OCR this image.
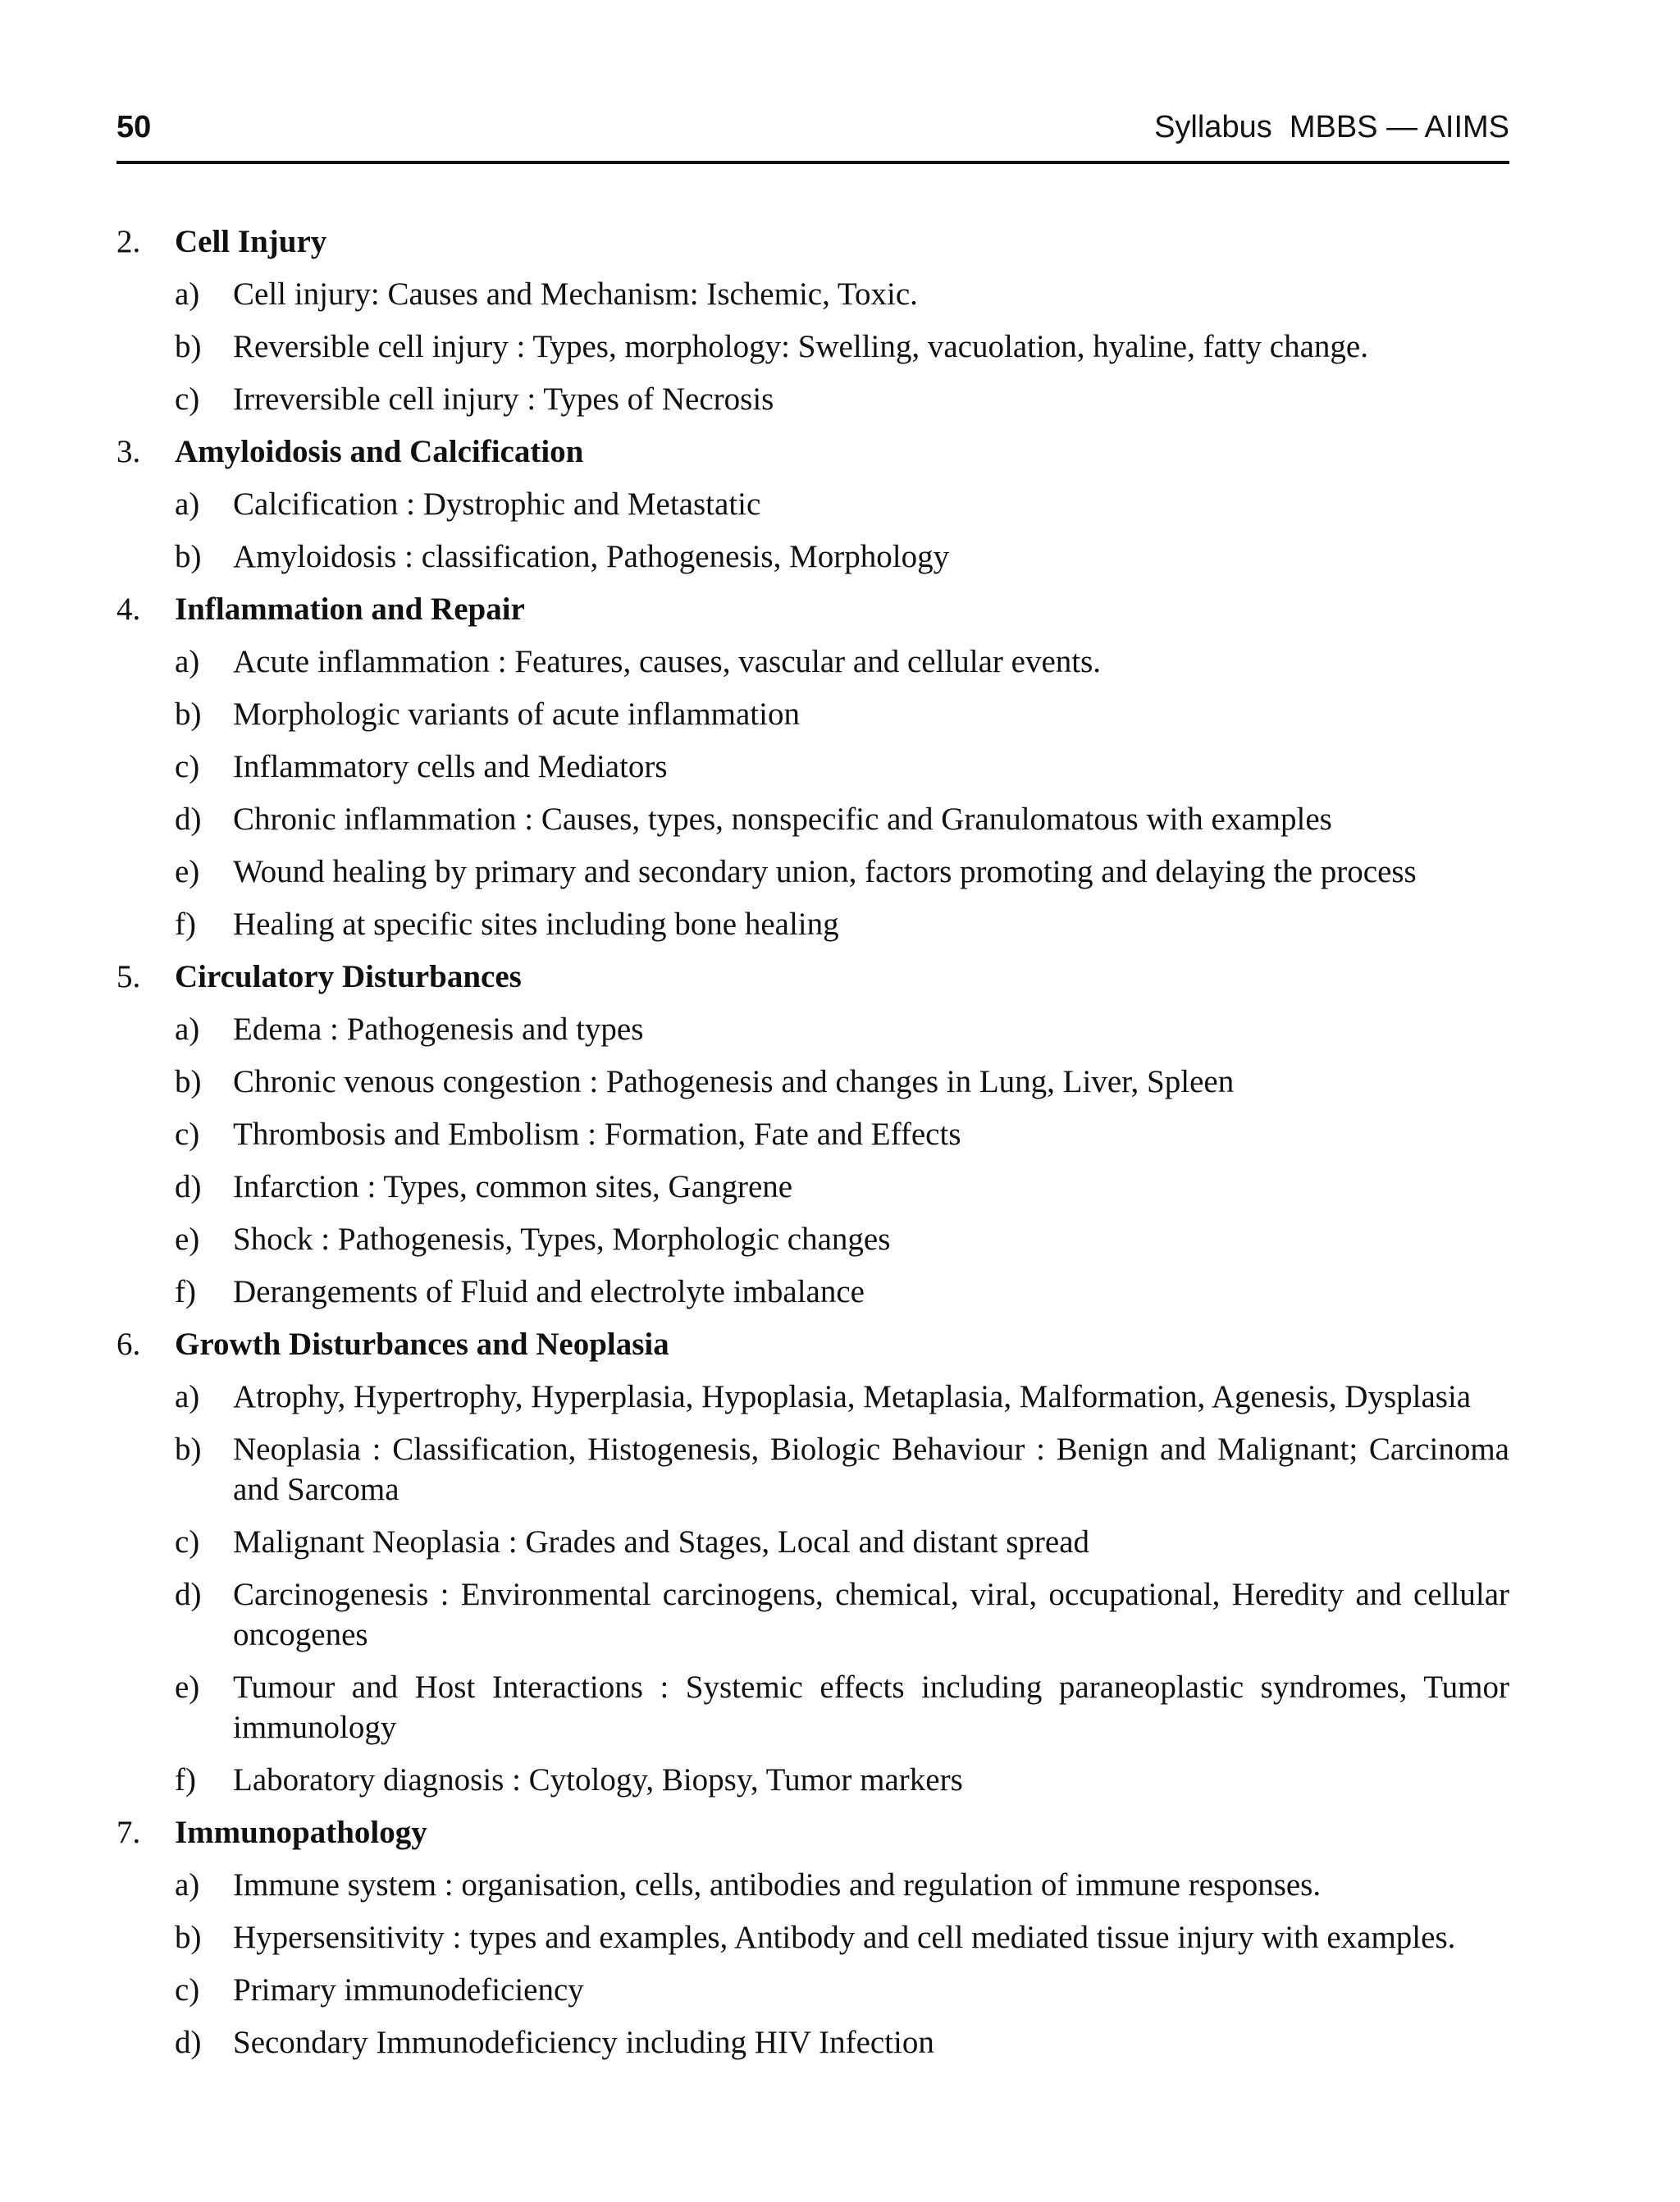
50	Syllabus  MBBS — AIIMS
2. Cell Injury
a) Cell injury: Causes and Mechanism: Ischemic, Toxic.
b) Reversible cell injury : Types, morphology: Swelling, vacuolation, hyaline, fatty change.
c) Irreversible cell injury : Types of Necrosis
3. Amyloidosis and Calcification
a) Calcification : Dystrophic and Metastatic
b) Amyloidosis : classification, Pathogenesis, Morphology
4. Inflammation and Repair
a) Acute inflammation : Features, causes, vascular and cellular events.
b) Morphologic variants of acute inflammation
c) Inflammatory cells and Mediators
d) Chronic inflammation : Causes, types, nonspecific and Granulomatous with examples
e) Wound healing by primary and secondary union, factors promoting and delaying the process
f) Healing at specific sites including bone healing
5. Circulatory Disturbances
a) Edema : Pathogenesis and types
b) Chronic venous congestion : Pathogenesis and changes in Lung, Liver, Spleen
c) Thrombosis and Embolism : Formation, Fate and Effects
d) Infarction : Types, common sites, Gangrene
e) Shock : Pathogenesis, Types, Morphologic changes
f) Derangements of Fluid and electrolyte imbalance
6. Growth Disturbances and Neoplasia
a) Atrophy, Hypertrophy, Hyperplasia, Hypoplasia, Metaplasia, Malformation, Agenesis, Dysplasia
b) Neoplasia : Classification, Histogenesis, Biologic Behaviour : Benign and Malignant; Carcinoma and Sarcoma
c) Malignant Neoplasia : Grades and Stages, Local and distant spread
d) Carcinogenesis : Environmental carcinogens, chemical, viral, occupational, Heredity and cellular oncogenes
e) Tumour and Host Interactions : Systemic effects including paraneoplastic syndromes, Tumor immunology
f) Laboratory diagnosis : Cytology, Biopsy, Tumor markers
7. Immunopathology
a) Immune system : organisation, cells, antibodies and regulation of immune responses.
b) Hypersensitivity : types and examples, Antibody and cell mediated tissue injury with examples.
c) Primary immunodeficiency
d) Secondary Immunodeficiency including HIV Infection
